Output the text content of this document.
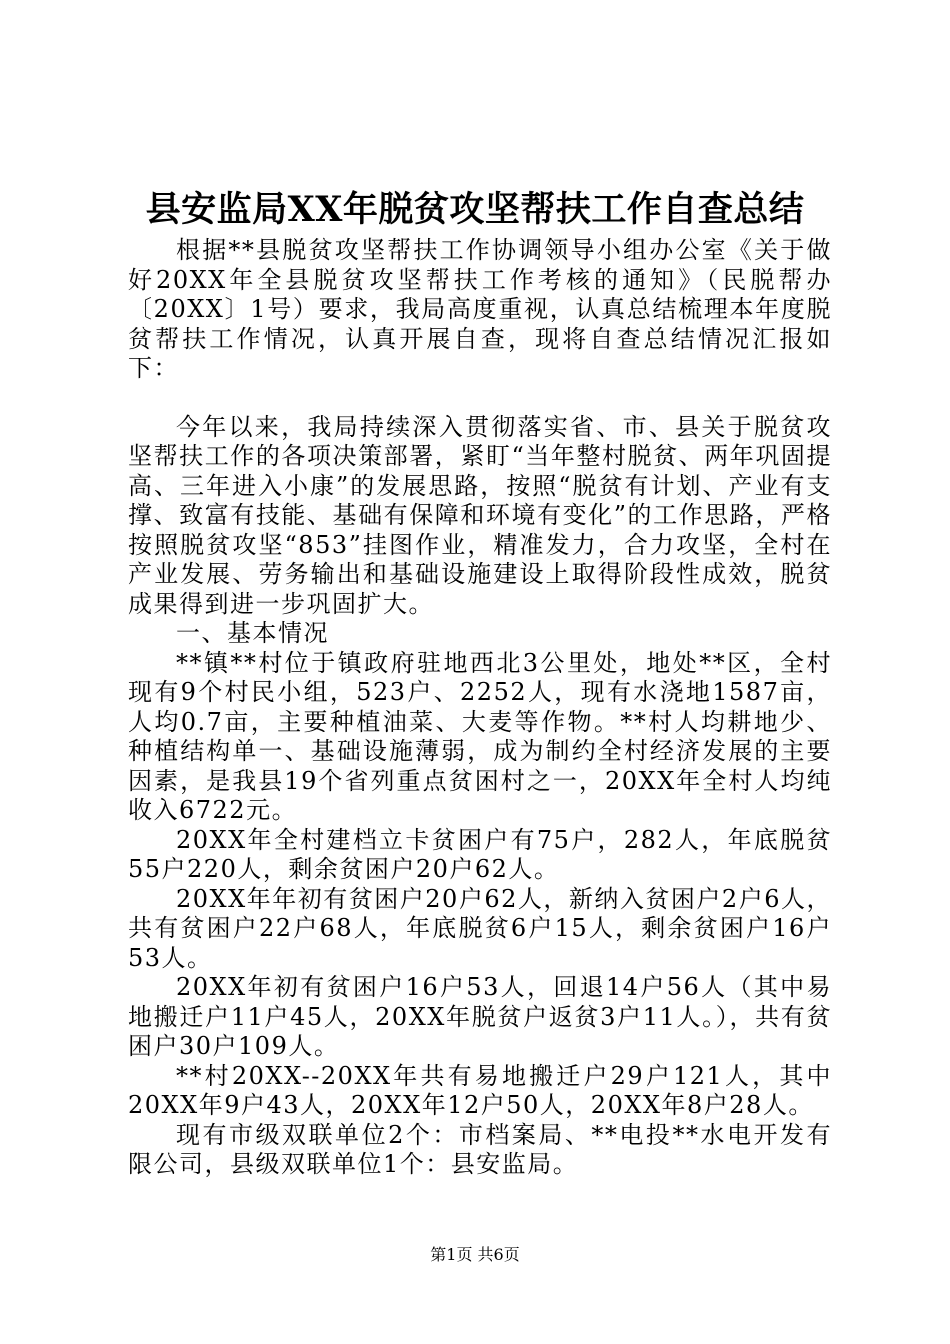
县安监局XX年脱贫攻坚帮扶工作自查总结

根据**县脱贫攻坚帮扶工作协调领导小组办公室《关于做好20XX年全县脱贫攻坚帮扶工作考核的通知》（民脱帮办〔20XX〕1号）要求，我局高度重视，认真总结梳理本年度脱贫帮扶工作情况，认真开展自查，现将自查总结情况汇报如下：

今年以来，我局持续深入贯彻落实省、市、县关于脱贫攻坚帮扶工作的各项决策部署，紧盯“当年整村脱贫、两年巩固提高、三年进入小康”的发展思路，按照“脱贫有计划、产业有支撑、致富有技能、基础有保障和环境有变化”的工作思路，严格按照脱贫攻坚“853”挂图作业，精准发力，合力攻坚，全村在产业发展、劳务输出和基础设施建设上取得阶段性成效，脱贫成果得到进一步巩固扩大。

一、基本情况

**镇**村位于镇政府驻地西北3公里处，地处**区，全村现有9个村民小组，523户、2252人，现有水浇地1587亩，人均0.7亩，主要种植油菜、大麦等作物。**村人均耕地少、种植结构单一、基础设施薄弱，成为制约全村经济发展的主要因素，是我县19个省列重点贫困村之一，20XX年全村人均纯收入6722元。

20XX年全村建档立卡贫困户有75户，282人，年底脱贫55户220人，剩余贫困户20户62人。

20XX年年初有贫困户20户62人，新纳入贫困户2户6人，共有贫困户22户68人，年底脱贫6户15人，剩余贫困户16户53人。

20XX年初有贫困户16户53人，回退14户56人（其中易地搬迁户11户45人，20XX年脱贫户返贫3户11人。），共有贫困户30户109人。

**村20XX--20XX年共有易地搬迁户29户121人，其中20XX年9户43人，20XX年12户50人，20XX年8户28人。

现有市级双联单位2个：市档案局、**电投**水电开发有限公司，县级双联单位1个：县安监局。

第1页 共6页
